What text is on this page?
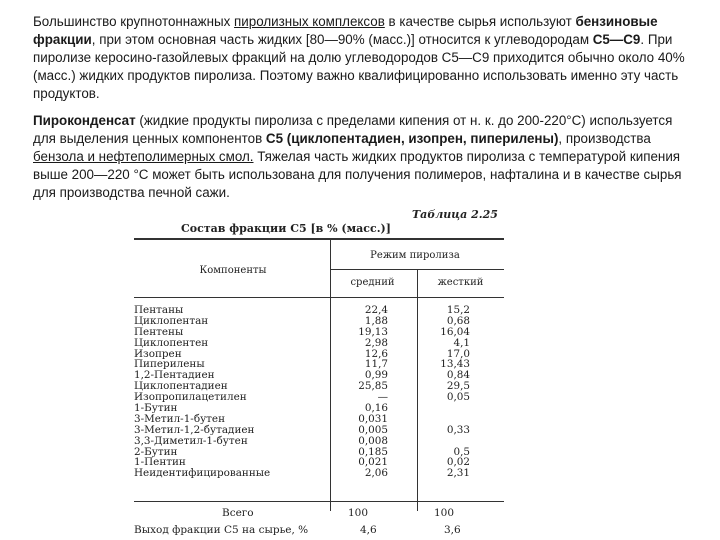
Большинство крупнотоннажных пиролизных комплексов в качестве сырья используют бензиновые фракции, при этом основная часть жидких [80—90% (масс.)] относится к углеводородам С5—С9. При пиролизе керосино-газойлевых фракций на долю углеводородов С5—С9 приходится обычно около 40% (масс.) жидких продуктов пиролиза. Поэтому важно квалифицированно использовать именно эту часть продуктов.

Пироконденсат (жидкие продукты пиролиза с пределами кипения от н. к. до 200-220°С) используется для выделения ценных компонентов С5 (циклопентадиен, изопрен, пиперилены), производства бензола и нефтеполимерных смол. Тяжелая часть жидких продуктов пиролиза с температурой кипения выше 200—220 °С может быть использована для получения полимеров, нафталина и в качестве сырья для производства печной сажи.

Таблица 2.25
Состав фракции С5 [в % (масс.)]
Компоненты
Режим пиролиза
средний	жесткий
Пентаны	22,4	15,2
Циклопентан	1,88	0,68
Пентены	19,13	16,04
Циклопентен	2,98	4,1
Изопрен	12,6	17,0
Пиперилены	11,7	13,43
1,2-Пентадиен	0,99	0,84
Циклопентадиен	25,85	29,5
Изопропилацетилен	—	0,05
1-Бутин	0,16
3-Метил-1-бутен	0,031
3-Метил-1,2-бутадиен	0,005	0,33
3,3-Диметил-1-бутен	0,008
2-Бутин	0,185	0,5
1-Пентин	0,021	0,02
Неидентифицированные	2,06	2,31
Всего	100	100
Выход фракции С5 на сырье, %	4,6	3,6
